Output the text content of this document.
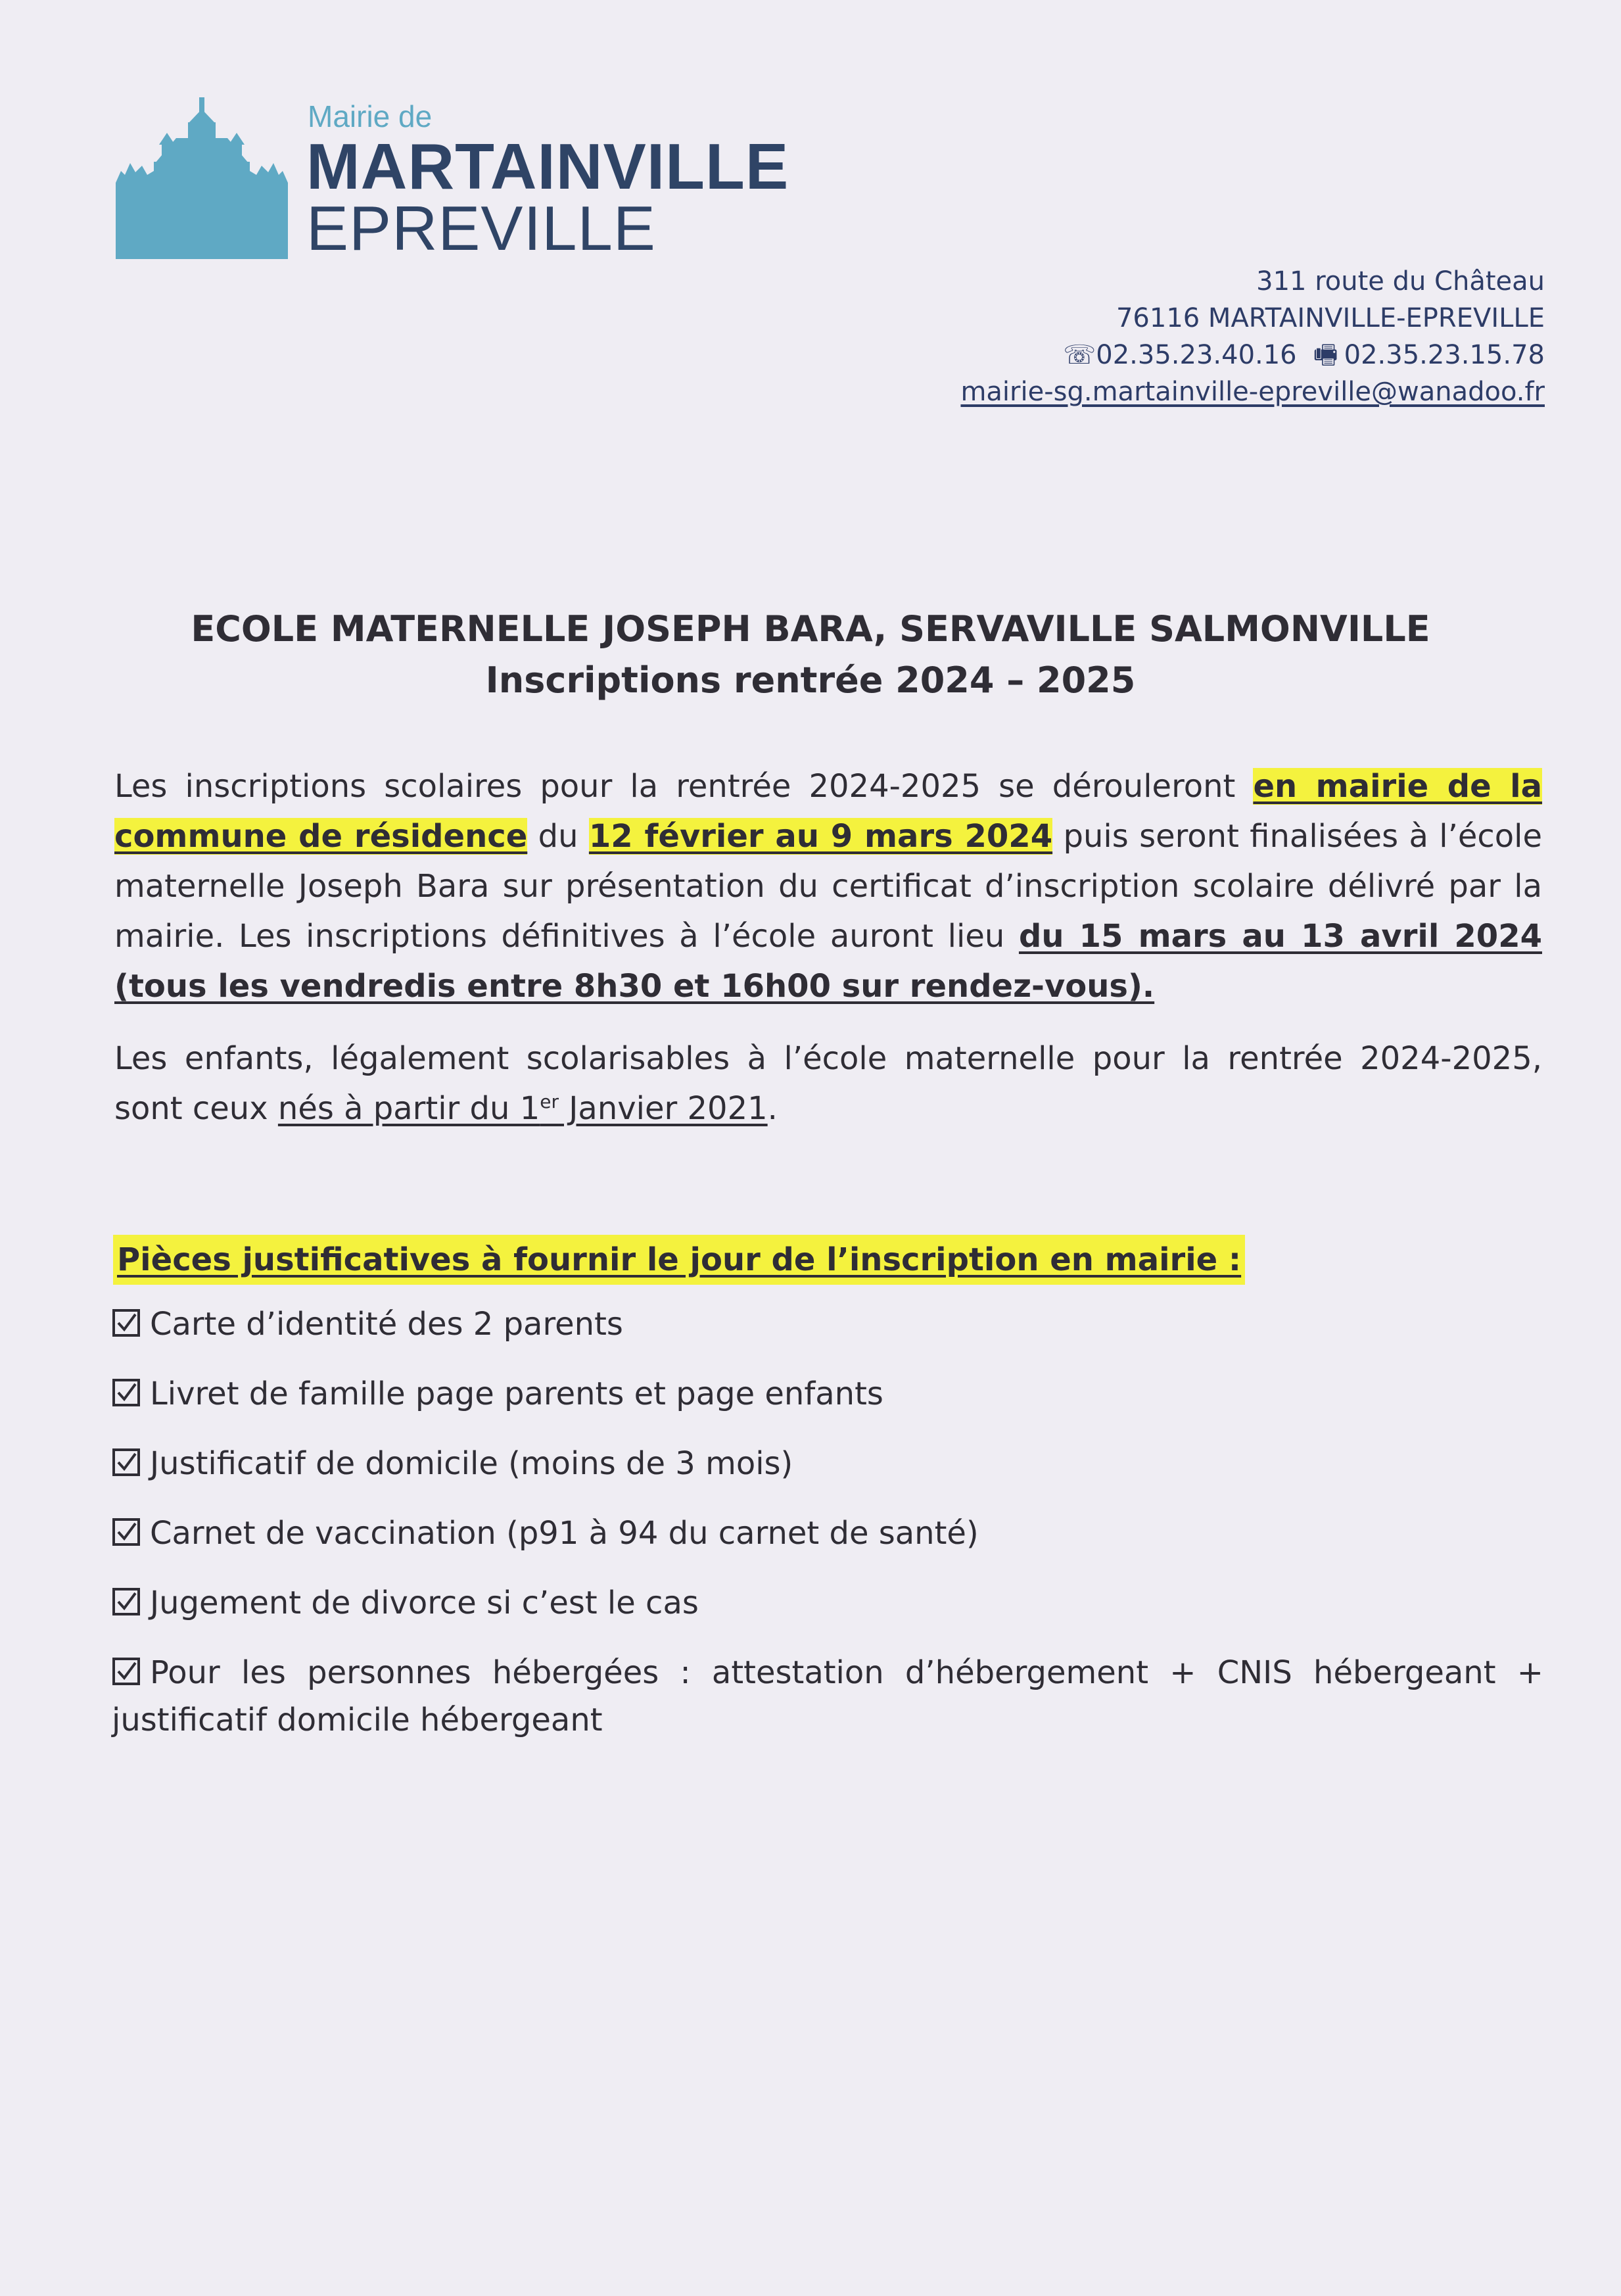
Mairie de
MARTAINVILLE
EPREVILLE
311 route du Château
76116 MARTAINVILLE-EPREVILLE
☏02.35.23.40.16 🖷 02.35.23.15.78
mairie-sg.martainville-epreville@wanadoo.fr
ECOLE MATERNELLE JOSEPH BARA, SERVAVILLE SALMONVILLE
Inscriptions rentrée 2024 – 2025

Les inscriptions scolaires pour la rentrée 2024-2025 se dérouleront en mairie de la commune de résidence du 12 février au 9 mars 2024 puis seront finalisées à l’école maternelle Joseph Bara sur présentation du certificat d’inscription scolaire délivré par la mairie. Les inscriptions définitives à l’école auront lieu du 15 mars au 13 avril 2024 (tous les vendredis entre 8h30 et 16h00 sur rendez-vous).

Les enfants, légalement scolarisables à l’école maternelle pour la rentrée 2024-2025, sont ceux nés à partir du 1er Janvier 2021.

Pièces justificatives à fournir le jour de l’inscription en mairie :
Carte d’identité des 2 parents
Livret de famille page parents et page enfants
Justificatif de domicile (moins de 3 mois)
Carnet de vaccination (p91 à 94 du carnet de santé)
Jugement de divorce si c’est le cas
Pour les personnes hébergées : attestation d’hébergement + CNIS hébergeant + justificatif domicile hébergeant
